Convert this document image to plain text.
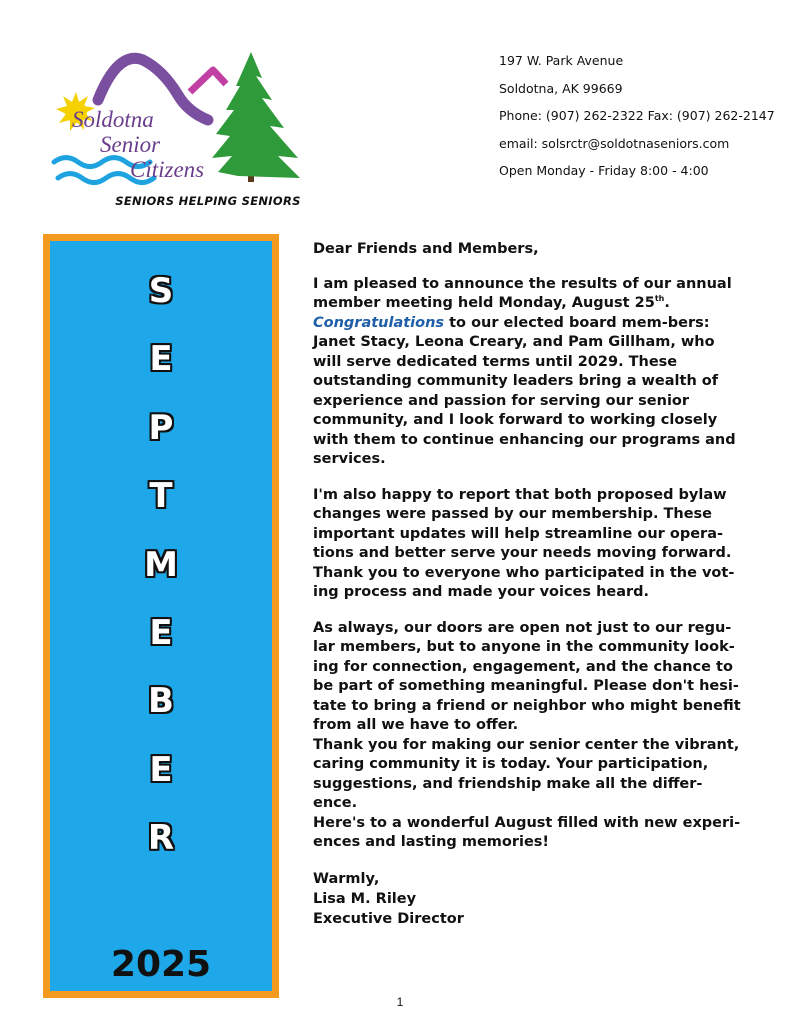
Soldotna
Senior
Citizens
SENIORS HELPING SENIORS
197 W. Park Avenue
Soldotna, AK 99669
Phone: (907) 262-2322 Fax: (907) 262-2147
email: solsrctr@soldotnaseniors.com
Open Monday - Friday 8:00 - 4:00
S
E
P
T
M
E
B
E
R
2025

Dear Friends and Members,

I am pleased to announce the results of our annual member meeting held Monday, August 25th. Congratulations to our elected board mem-bers: Janet Stacy, Leona Creary, and Pam Gillham, who will serve dedicated terms until 2029. These outstanding community leaders bring a wealth of experience and passion for serving our senior community, and I look forward to working closely with them to continue enhancing our programs and services.

I'm also happy to report that both proposed bylaw changes were passed by our membership. These important updates will help streamline our opera-tions and better serve your needs moving forward. Thank you to everyone who participated in the vot-ing process and made your voices heard.

As always, our doors are open not just to our regu-lar members, but to anyone in the community look-ing for connection, engagement, and the chance to be part of something meaningful. Please don't hesi-tate to bring a friend or neighbor who might benefit from all we have to offer.

Thank you for making our senior center the vibrant, caring community it is today. Your participation, suggestions, and friendship make all the differ-ence.

Here's to a wonderful August filled with new experi-ences and lasting memories!

Warmly,
Lisa M. Riley
Executive Director
1
